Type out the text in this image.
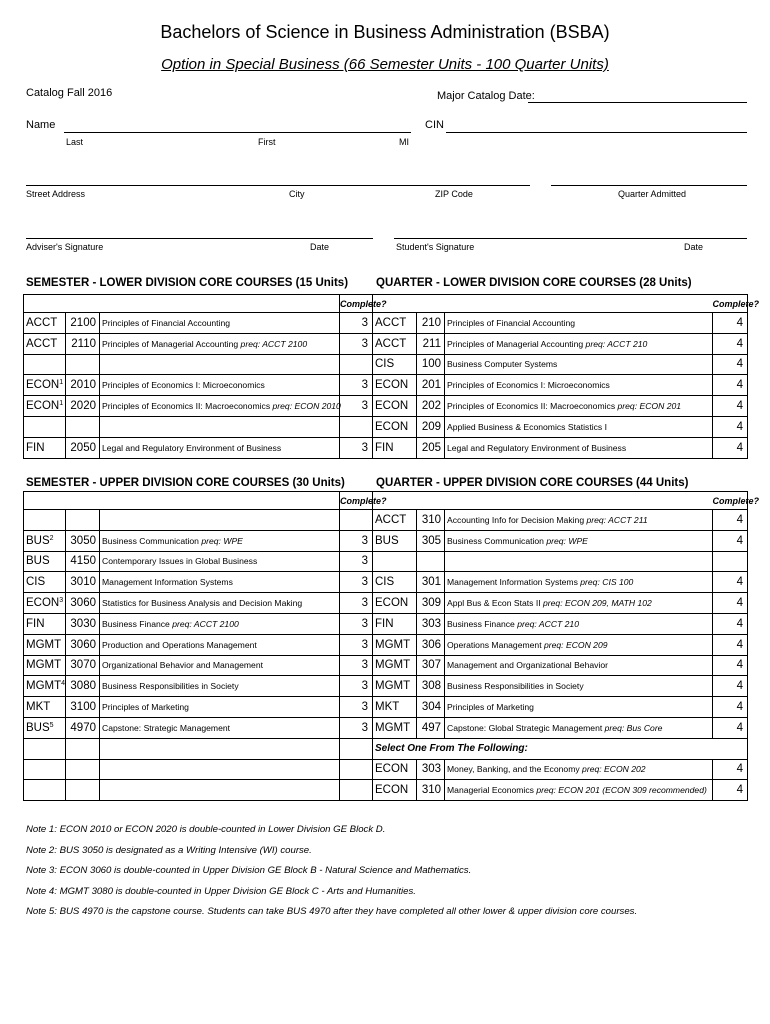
Bachelors of Science in Business Administration (BSBA)
Option in Special Business (66 Semester Units - 100 Quarter Units)
Catalog Fall 2016	Major Catalog Date:
Name	CIN
Last	First	MI
Street Address	City	ZIP Code	Quarter Admitted
Adviser's Signature	Date	Student's Signature	Date
SEMESTER - LOWER DIVISION CORE COURSES (15 Units) QUARTER - LOWER DIVISION CORE COURSES (28 Units)
SEMESTER - UPPER DIVISION CORE COURSES (30 Units)	QUARTER - UPPER DIVISION CORE COURSES (44 Units)
			Complete?
ACCT	2100	Principles of Financial Accounting	3
ACCT	2110	Principles of Managerial Accounting preq: ACCT 2100	3

ECON$^1$	2010	Principles of Economics I: Microeconomics	3
ECON$^1$	2020	Principles of Economics II: Macroeconomics preq: ECON 2010	3

FIN	2050	Legal and Regulatory Environment of Business	3
			Complete?
ACCT	210	Principles of Financial Accounting	4
ACCT	211	Principles of Managerial Accounting preq: ACCT 210	4
CIS	100	Business Computer Systems	4
ECON	201	Principles of Economics I: Microeconomics	4
ECON	202	Principles of Economics II: Macroeconomics preq: ECON 201	4
ECON	209	Applied Business & Economics Statistics I	4
FIN	205	Legal and Regulatory Environment of Business	4
			Complete?

BUS$^2$	3050	Business Communication preq: WPE	3
BUS	4150	Contemporary Issues in Global Business	3
CIS	3010	Management Information Systems	3
ECON$^3$	3060	Statistics for Business Analysis and Decision Making	3
FIN	3030	Business Finance preq: ACCT 2100	3
MGMT	3060	Production and Operations Management	3
MGMT	3070	Organizational Behavior and Management	3
MGMT$^4$	3080	Business Responsibilities in Society	3
MKT	3100	Principles of Marketing	3
BUS$^5$	4970	Capstone: Strategic Management	3

			Complete?
ACCT	310	Accounting Info for Decision Making preq: ACCT 211	4
BUS	305	Business Communication preq: WPE	4

CIS	301	Management Information Systems preq: CIS 100	4
ECON	309	Appl Bus & Econ Stats II preq: ECON 209, MATH 102	4
FIN	303	Business Finance preq: ACCT 210	4
MGMT	306	Operations Management preq: ECON 209	4
MGMT	307	Management and Organizational Behavior	4
MGMT	308	Business Responsibilities in Society	4
MKT	304	Principles of Marketing	4
MGMT	497	Capstone: Global Strategic Management preq: Bus Core	4
Select One From The Following:			
ECON	303	Money, Banking, and the Economy preq: ECON 202	4
ECON	310	Managerial Economics preq: ECON 201 (ECON 309 recommended)	4
Note 1: ECON 2010 or ECON 2020 is double-counted in Lower Division GE Block D.
Note 2: BUS 3050 is designated as a Writing Intensive (WI) course.
Note 3: ECON 3060 is double-counted in Upper Division GE Block B - Natural Science and Mathematics.
Note 4: MGMT 3080 is double-counted in Upper Division GE Block C - Arts and Humanities.
Note 5: BUS 4970 is the capstone course. Students can take BUS 4970 after they have completed all other lower & upper division core courses.
